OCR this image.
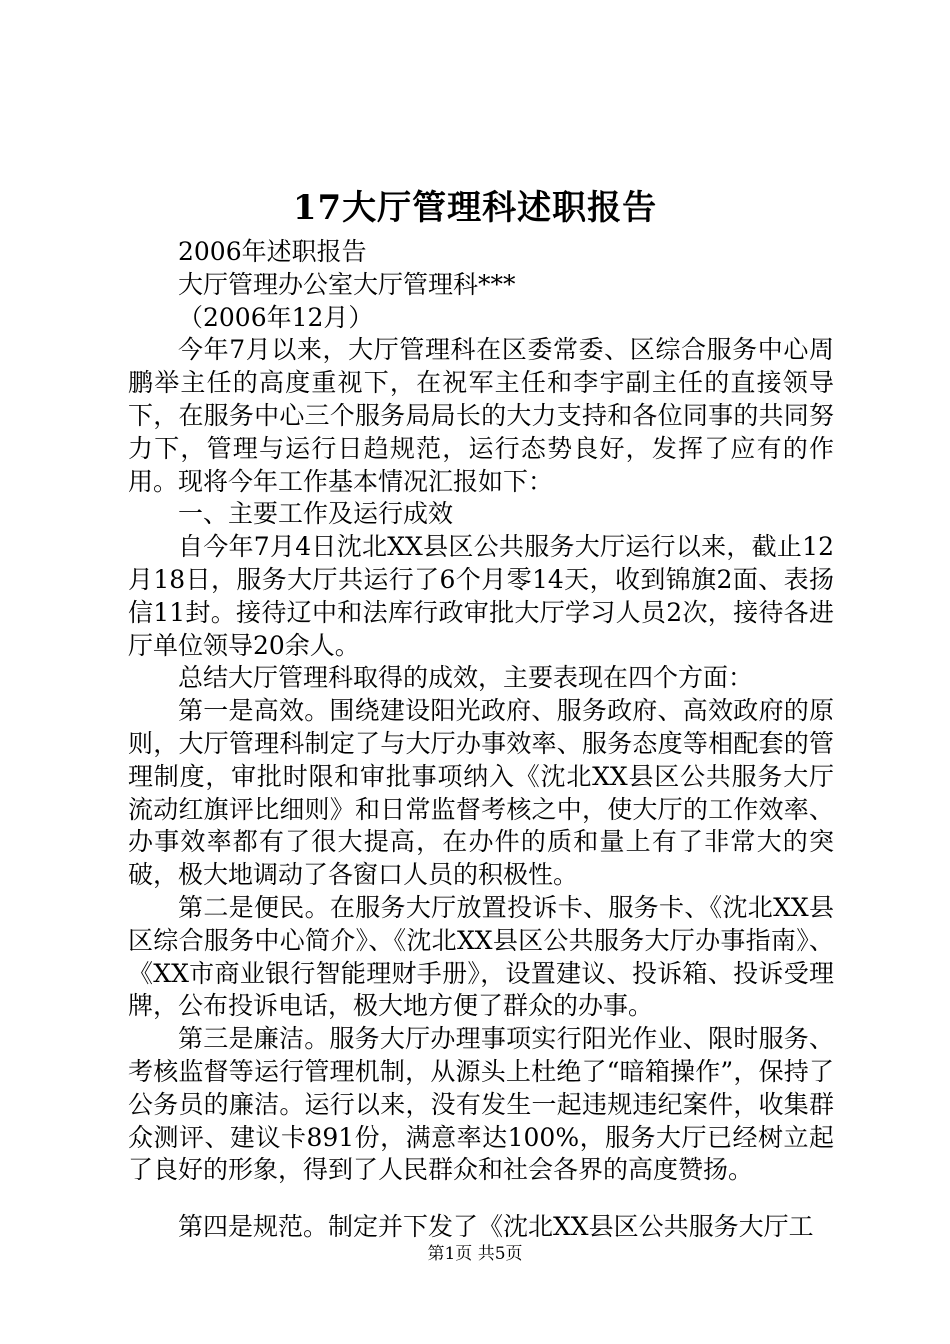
17大厅管理科述职报告

2006年述职报告

大厅管理办公室大厅管理科***

（2006年12月）

今年7月以来，大厅管理科在区委常委、区综合服务中心周鹏举主任的高度重视下，在祝军主任和李宇副主任的直接领导下，在服务中心三个服务局局长的大力支持和各位同事的共同努力下，管理与运行日趋规范，运行态势良好，发挥了应有的作用。现将今年工作基本情况汇报如下：

一、主要工作及运行成效

自今年7月4日沈北XX县区公共服务大厅运行以来，截止12月18日，服务大厅共运行了6个月零14天，收到锦旗2面、表扬信11封。接待辽中和法库行政审批大厅学习人员2次，接待各进厅单位领导20余人。

总结大厅管理科取得的成效，主要表现在四个方面：

第一是高效。围绕建设阳光政府、服务政府、高效政府的原则，大厅管理科制定了与大厅办事效率、服务态度等相配套的管理制度，审批时限和审批事项纳入《沈北XX县区公共服务大厅流动红旗评比细则》和日常监督考核之中，使大厅的工作效率、办事效率都有了很大提高，在办件的质和量上有了非常大的突破，极大地调动了各窗口人员的积极性。

第二是便民。在服务大厅放置投诉卡、服务卡、《沈北XX县区综合服务中心简介》、《沈北XX县区公共服务大厅办事指南》、《XX市商业银行智能理财手册》，设置建议、投诉箱、投诉受理牌，公布投诉电话，极大地方便了群众的办事。

第三是廉洁。服务大厅办理事项实行阳光作业、限时服务、考核监督等运行管理机制，从源头上杜绝了“暗箱操作”，保持了公务员的廉洁。运行以来，没有发生一起违规违纪案件，收集群众测评、建议卡891份，满意率达100%，服务大厅已经树立起了良好的形象，得到了人民群众和社会各界的高度赞扬。

第四是规范。制定并下发了《沈北XX县区公共服务大厅工

第1页 共5页
